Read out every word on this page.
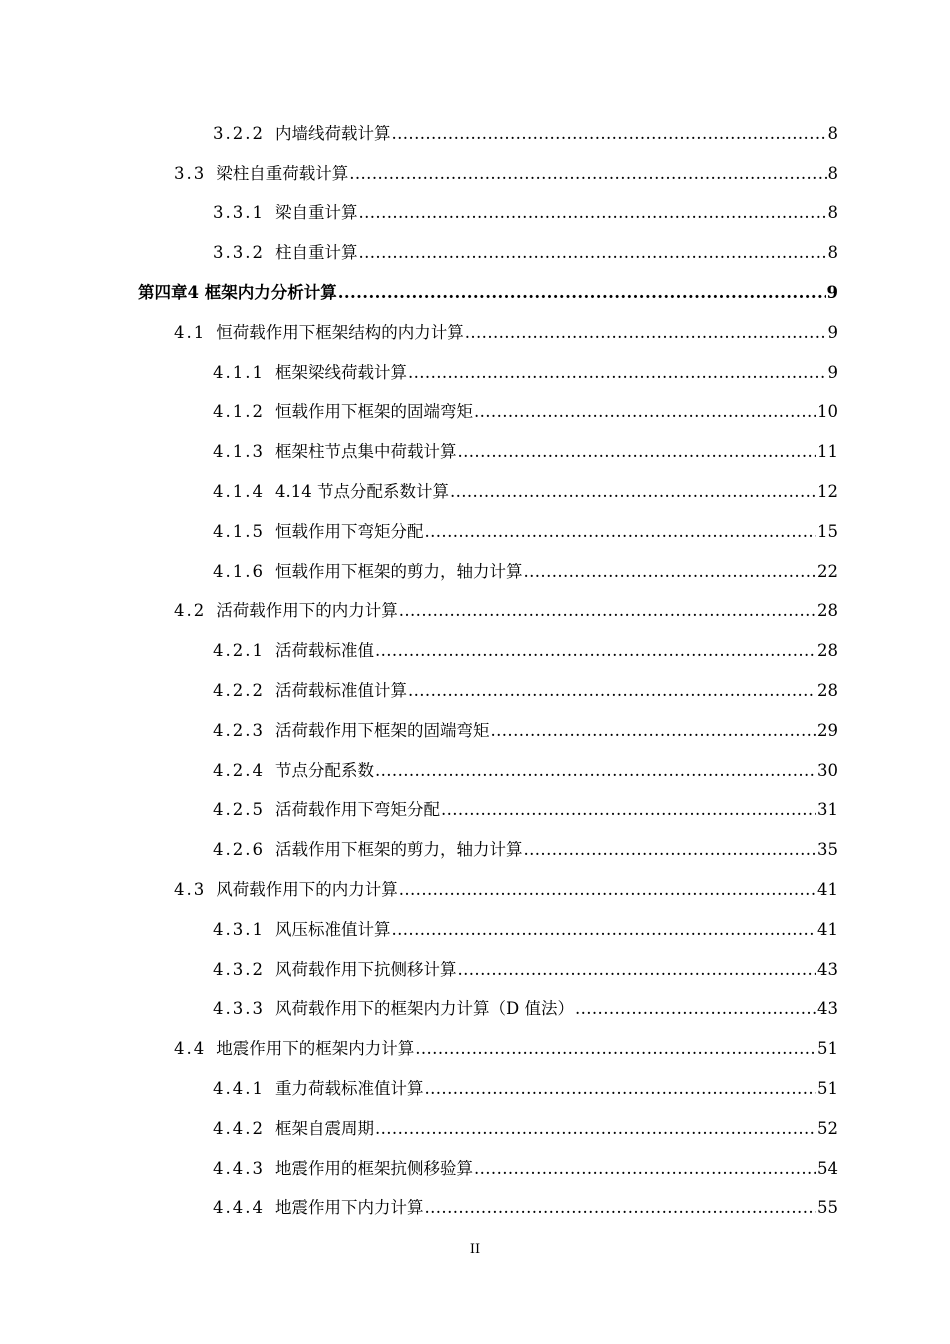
3.2.2 内墙线荷载计算 .....	8
3.3 梁柱自重荷载计算 .....	8
3.3.1 梁自重计算 .....	8
3.3.2 柱自重计算 .....	8
第四章 4 框架内力分析计算 .....	9
4.1 恒荷载作用下框架结构的内力计算 .....	9
4.1.1 框架梁线荷载计算 .....	9
4.1.2 恒载作用下框架的固端弯矩 .....	10
4.1.3 框架柱节点集中荷载计算 .....	11
4.1.4 4.14 节点分配系数计算 .....	12
4.1.5 恒载作用下弯矩分配 .....	15
4.1.6 恒载作用下框架的剪力，轴力计算 .....	22
4.2 活荷载作用下的内力计算 .....	28
4.2.1 活荷载标准值 .....	28
4.2.2 活荷载标准值计算 .....	28
4.2.3 活荷载作用下框架的固端弯矩 .....	29
4.2.4 节点分配系数 .....	30
4.2.5 活荷载作用下弯矩分配 .....	31
4.2.6 活载作用下框架的剪力，轴力计算 .....	35
4.3 风荷载作用下的内力计算 .....	41
4.3.1 风压标准值计算 .....	41
4.3.2 风荷载作用下抗侧移计算 .....	43
4.3.3 风荷载作用下的框架内力计算（D 值法） .....	43
4.4 地震作用下的框架内力计算 .....	51
4.4.1 重力荷载标准值计算 .....	51
4.4.2 框架自震周期 .....	52
4.4.3 地震作用的框架抗侧移验算 .....	54
4.4.4 地震作用下内力计算 .....	55
II
